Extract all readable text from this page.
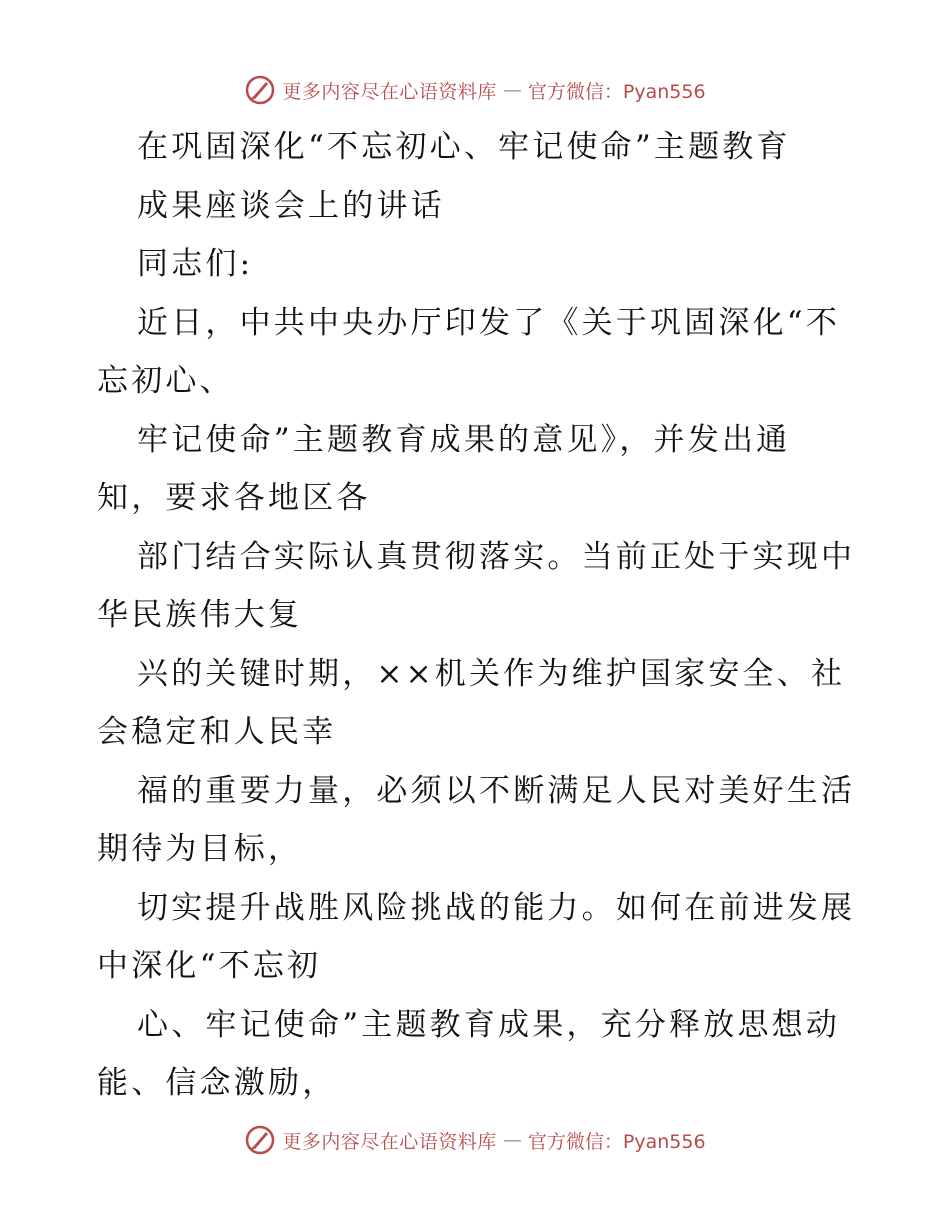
更多内容尽在心语资料库 — 官方微信：Pyan556
在巩固深化“不忘初心、牢记使命”主题教育
成果座谈会上的讲话
同志们:
近日，中共中央办厅印发了《关于巩固深化“不
忘初心、
牢记使命”主题教育成果的意见》，并发出通
知，要求各地区各
部门结合实际认真贯彻落实。当前正处于实现中
华民族伟大复
兴的关键时期，××机关作为维护国家安全、社
会稳定和人民幸
福的重要力量，必须以不断满足人民对美好生活
期待为目标，
切实提升战胜风险挑战的能力。如何在前进发展
中深化“不忘初
心、牢记使命”主题教育成果，充分释放思想动
能、信念激励，
更多内容尽在心语资料库 — 官方微信：Pyan556
